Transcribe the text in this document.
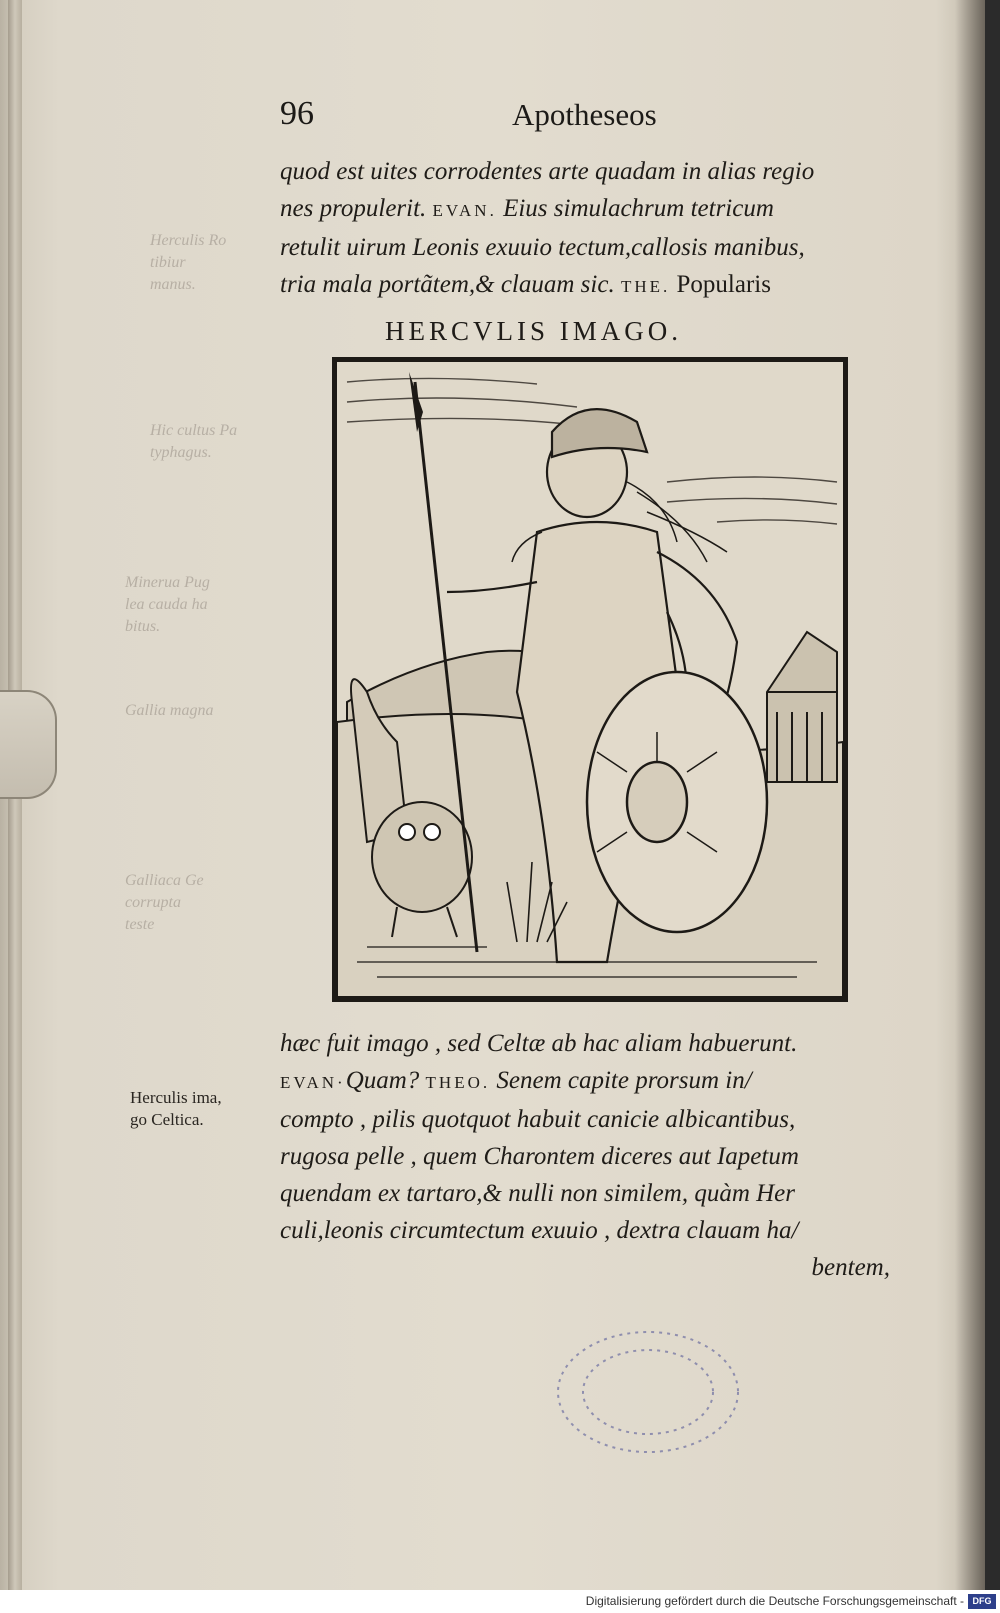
Herculis Ro
tibiur
manus.
Hic cultus Pa
typhagus.
Minerua Pug
lea cauda ha
bitus.
Gallia magna
Galliaca Ge
corrupta
teste
96	Apotheseos
quod est uites corrodentes arte quadam in alias regio
nes propulerit. EVAN. Eius simulachrum tetricum
retulit uirum Leonis exuuio tectum,callosis manibus,
tria mala portãtem,& clauam sic. THE. Popularis
HERCVLIS IMAGO.
hæc fuit imago , sed Celtæ ab hac aliam habuerunt.
EVAN·Quam? THEO. Senem capite prorsum in/
compto , pilis quotquot habuit canicie albicantibus,
rugosa pelle , quem Charontem diceres aut Iapetum
quendam ex tartaro,& nulli non similem, quàm Her
culi,leonis circumtectum exuuio , dextra clauam ha/
bentem,
Herculis ima,
go Celtica.
Digitalisierung gefördert durch die Deutsche Forschungsgemeinschaft - DFG
